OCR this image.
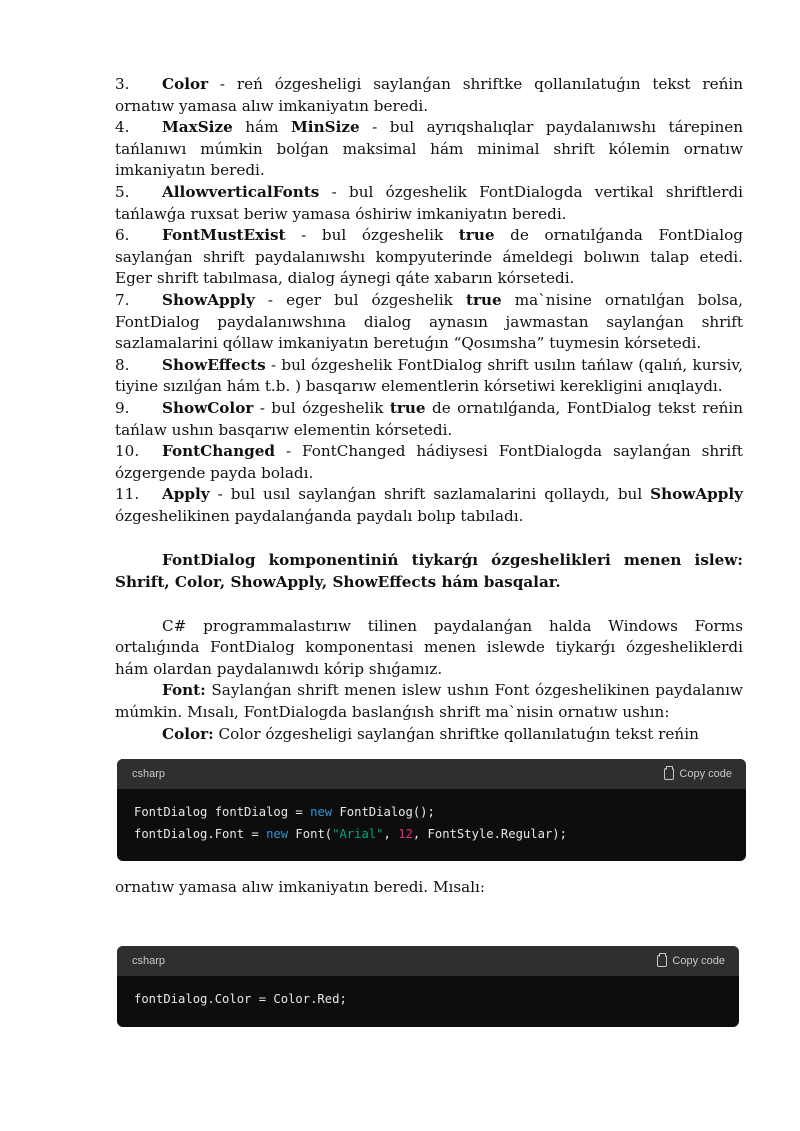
3. Color - reń ózgesheligi saylanǵan shriftke qollanılatuǵın tekst reńin ornatıw yamasa alıw imkaniyatın beredi.

4. MaxSize hám MinSize - bul ayrıqshalıqlar paydalanıwshı tárepinen tańlanıwı múmkin bolǵan maksimal hám minimal shrift kólemin ornatıw imkaniyatın beredi.

5. AllowverticalFonts - bul ózgeshelik FontDialogda vertikal shriftlerdi tańlawǵa ruxsat beriw yamasa óshiriw imkaniyatın beredi.

6. FontMustExist - bul ózgeshelik true de ornatılǵanda FontDialog saylanǵan shrift paydalanıwshı kompyuterinde ámeldegi bolıwın talap etedi. Eger shrift tabılmasa, dialog áynegi qáte xabarın kórsetedi.

7. ShowApply - eger bul ózgeshelik true ma`nisine ornatılǵan bolsa, FontDialog paydalanıwshına dialog aynasın jawmastan saylanǵan shrift sazlamalarini qóllaw imkaniyatın beretuǵın “Qosımsha” tuymesin kórsetedi.

8. ShowEffects - bul ózgeshelik FontDialog shrift usılın tańlaw (qalıń, kursiv, tiyine sızılǵan hám t.b. ) basqarıw elementlerin kórsetiwi kerekligini anıqlaydı.

9. ShowColor - bul ózgeshelik true de ornatılǵanda, FontDialog tekst reńin tańlaw ushın basqarıw elementin kórsetedi.

10. FontChanged - FontChanged hádiysesi FontDialogda saylanǵan shrift ózgergende payda boladı.

11. Apply - bul usıl saylanǵan shrift sazlamalarini qollaydı, bul ShowApply ózgeshelikinen paydalanǵanda paydalı bolıp tabıladı.

FontDialog komponentiniń tiykarǵı ózgeshelikleri menen islew: Shrift, Color, ShowApply, ShowEffects hám basqalar.

C# programmalastırıw tilinen paydalanǵan halda Windows Forms ortalıǵında FontDialog komponentasi menen islewde tiykarǵı ózgesheliklerdi hám olardan paydalanıwdı kórip shıǵamız.

Font: Saylanǵan shrift menen islew ushın Font ózgeshelikinen paydalanıw múmkin. Mısalı, FontDialogda baslanǵısh shrift ma`nisin ornatıw ushın:

Color: Color ózgesheligi saylanǵan shriftke qollanılatuǵın tekst reńin

csharp	Copy code
FontDialog fontDialog = new FontDialog();
fontDialog.Font = new Font("Arial", 12, FontStyle.Regular);
ornatıw yamasa alıw imkaniyatın beredi. Mısalı:
csharp	Copy code
fontDialog.Color = Color.Red;
